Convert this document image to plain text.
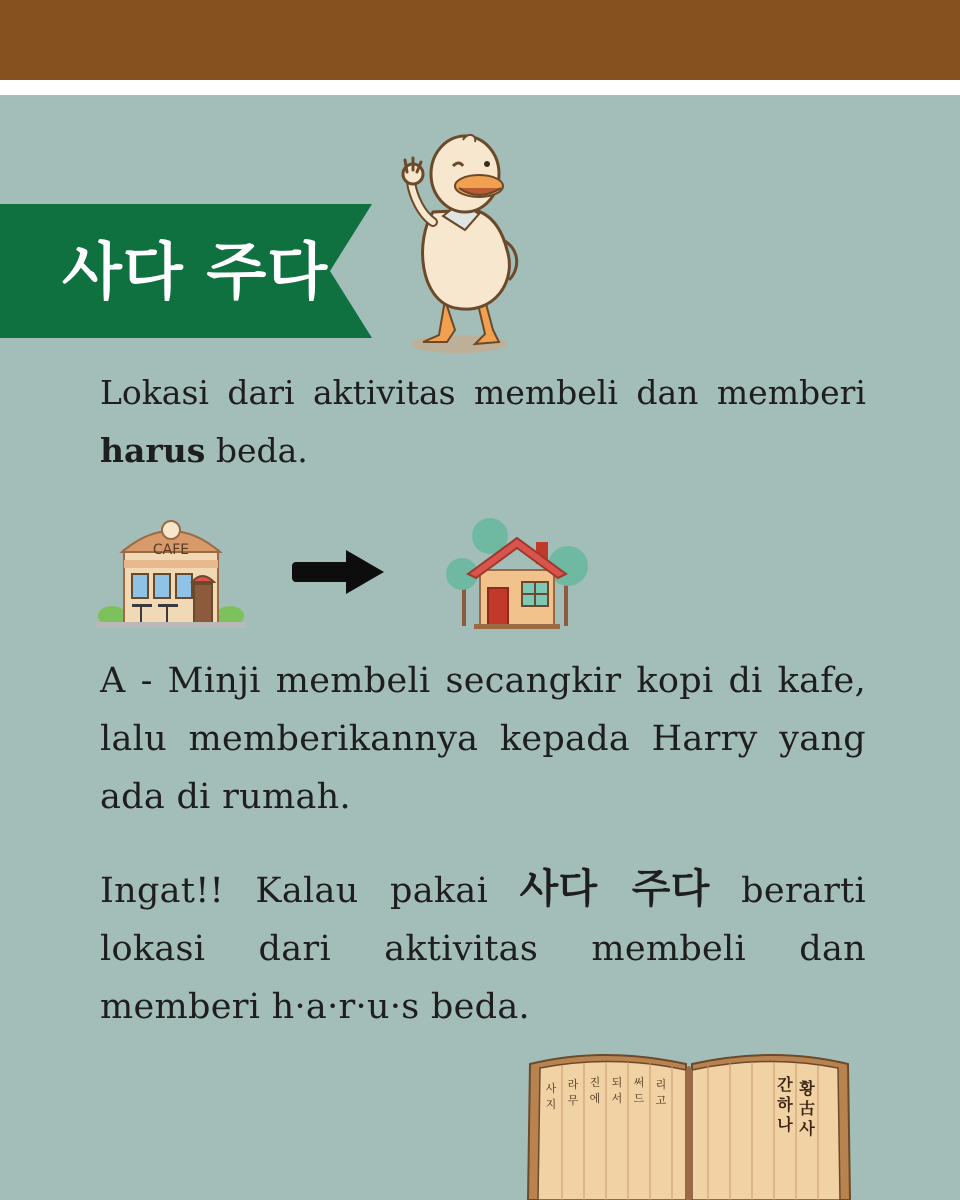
사다 주다

Lokasi dari aktivitas membeli dan memberi harus beda.

CAFE

A - Minji membeli secangkir kopi di kafe, lalu memberikannya kepada Harry yang ada di rumah.

Ingat!! Kalau pakai 사다 주다 berarti lokasi dari aktivitas membeli dan memberi h·a·r·u·s beda.

사
지
라
무
진
에
되
서
써
드
리
고
황
古
사
간
하
나
